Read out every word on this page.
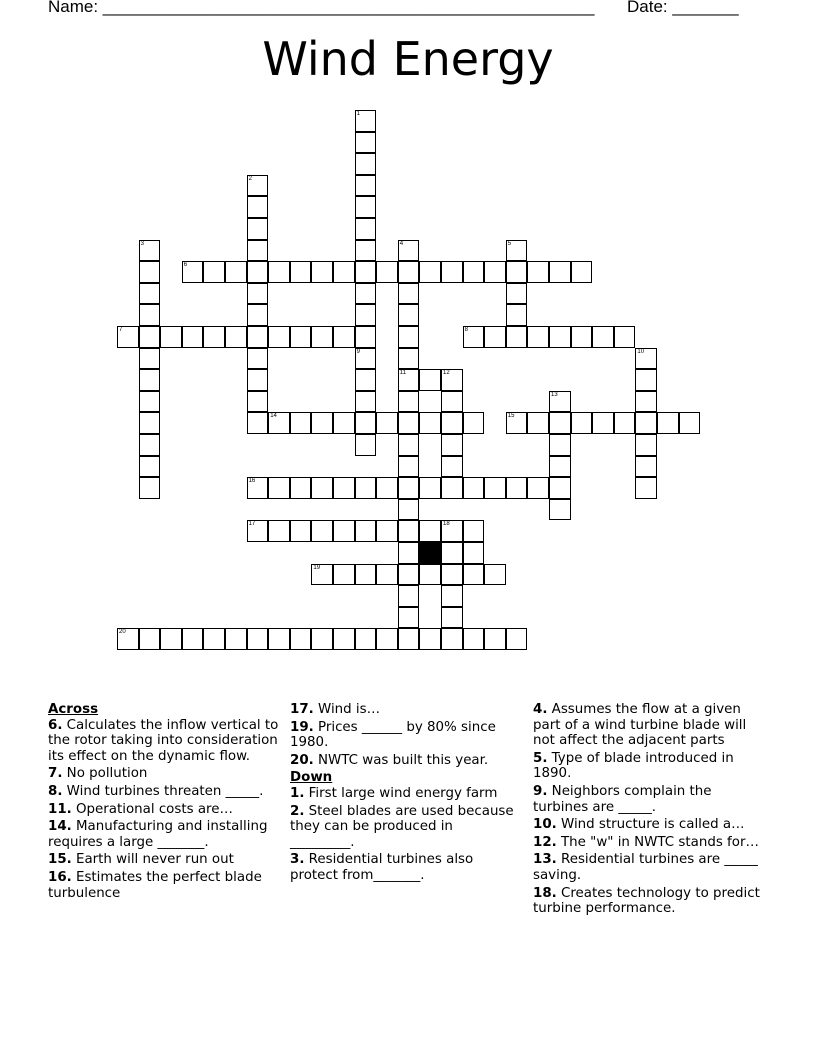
Name: ____________________________________________________ Date: _______
Wind Energy
1
9
2
3	4
11
5
6
7	8
10
12
13
14	15
16
17	18
19
20
Across
6. Calculates the inflow vertical to the rotor taking into consideration its effect on the dynamic flow.
7. No pollution
8. Wind turbines threaten _____.
11. Operational costs are…
14. Manufacturing and installing requires a large _______.
15. Earth will never run out
16. Estimates the perfect blade turbulence
17. Wind is…
19. Prices ______ by 80% since 1980.
20. NWTC was built this year.
Down
1. First large wind energy farm
2. Steel blades are used because they can be produced in _________.
3. Residential turbines also protect from_______.
4. Assumes the flow at a given part of a wind turbine blade will not affect the adjacent parts
5. Type of blade introduced in 1890.
9. Neighbors complain the turbines are _____.
10. Wind structure is called a…
12. The "w" in NWTC stands for…
13. Residential turbines are _____ saving.
18. Creates technology to predict turbine performance.
